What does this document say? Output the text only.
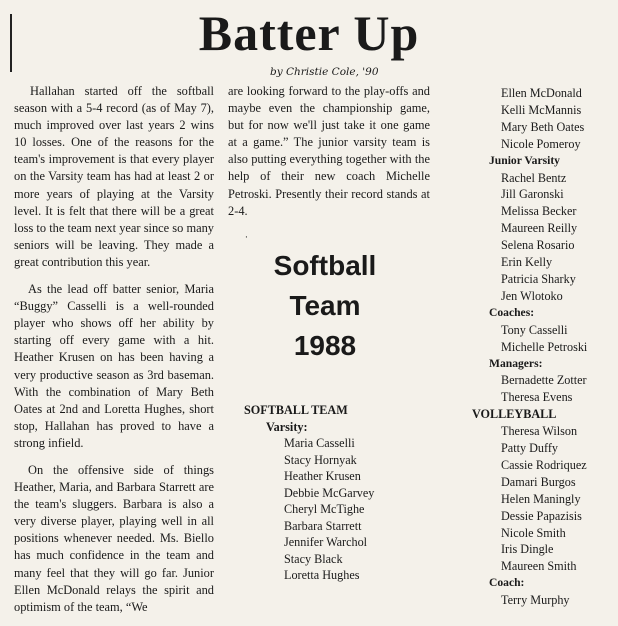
Batter Up
by Christie Cole, '90

Hallahan started off the softball season with a 5-4 record (as of May 7), much improved over last years 2 wins 10 losses. One of the reasons for the team's improvement is that every player on the Varsity team has had at least 2 or more years of playing at the Varsity level. It is felt that there will be a great loss to the team next year since so many seniors will be leaving. They made a great contribution this year.

As the lead off batter senior, Maria “Buggy” Casselli is a well-rounded player who shows off her ability by starting off every game with a hit. Heather Krusen on has been having a very productive season as 3rd baseman. With the combination of Mary Beth Oates at 2nd and Loretta Hughes, short stop, Hallahan has proved to have a strong infield.

On the offensive side of things Heather, Maria, and Barbara Starrett are the team's sluggers. Barbara is also a very diverse player, playing well in all positions whenever needed. Ms. Biello has much confidence in the team and many feel that they will go far. Junior Ellen McDonald relays the spirit and optimism of the team, “We

are looking forward to the play-offs and maybe even the championship game, but for now we'll just take it one game at a game.” The junior varsity team is also putting everything together with the help of their new coach Michelle Petroski. Presently their record stands at 2-4.

·
Softball
Team
1988
SOFTBALL TEAM
Varsity:
Maria Casselli
Stacy Hornyak
Heather Krusen
Debbie McGarvey
Cheryl McTighe
Barbara Starrett
Jennifer Warchol
Stacy Black
Loretta Hughes
Ellen McDonald
Kelli McMannis
Mary Beth Oates
Nicole Pomeroy
Junior Varsity
Rachel Bentz
Jill Garonski
Melissa Becker
Maureen Reilly
Selena Rosario
Erin Kelly
Patricia Sharky
Jen Wlotoko
Coaches:
Tony Casselli
Michelle Petroski
Managers:
Bernadette Zotter
Theresa Evens
VOLLEYBALL
Theresa Wilson
Patty Duffy
Cassie Rodriquez
Damari Burgos
Helen Maningly
Dessie Papazisis
Nicole Smith
Iris Dingle
Maureen Smith
Coach:
Terry Murphy
